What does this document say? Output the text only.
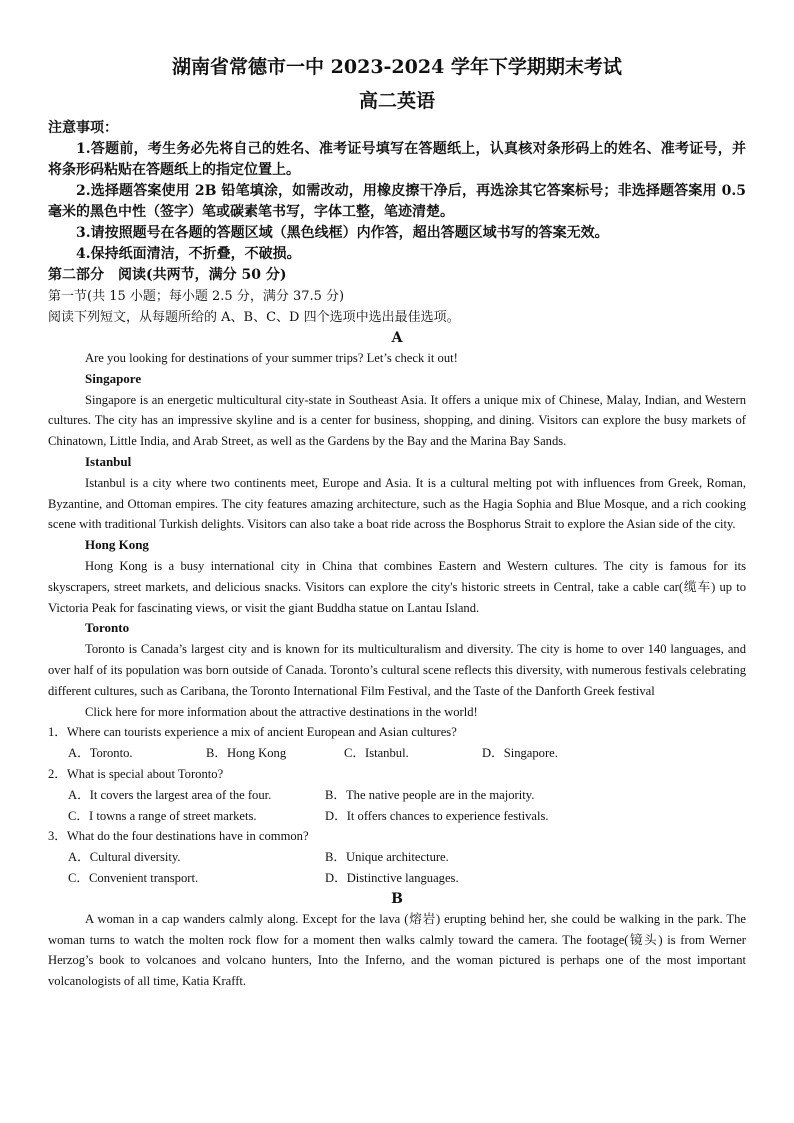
湖南省常德市一中 2023-2024 学年下学期期末考试
高二英语
注意事项：

1.答题前，考生务必先将自己的姓名、准考证号填写在答题纸上，认真核对条形码上的姓名、准考证号，并将条形码粘贴在答题纸上的指定位置上。

2.选择题答案使用 2B 铅笔填涂，如需改动，用橡皮擦干净后，再选涂其它答案标号；非选择题答案用 0.5 毫米的黑色中性（签字）笔或碳素笔书写，字体工整，笔迹清楚。

3.请按照题号在各题的答题区域（黑色线框）内作答，超出答题区域书写的答案无效。

4.保持纸面清洁，不折叠，不破损。

第二部分　阅读(共两节，满分 50 分)

第一节(共 15 小题；每小题 2.5 分，满分 37.5 分)

阅读下列短文，从每题所给的 A、B、C、D 四个选项中选出最佳选项。

A

Are you looking for destinations of your summer trips? Let’s check it out!

Singapore

Singapore is an energetic multicultural city-state in Southeast Asia. It offers a unique mix of Chinese, Malay, Indian, and Western cultures. The city has an impressive skyline and is a center for business, shopping, and dining. Visitors can explore the busy markets of Chinatown, Little India, and Arab Street, as well as the Gardens by the Bay and the Marina Bay Sands.

Istanbul

Istanbul is a city where two continents meet, Europe and Asia. It is a cultural melting pot with influences from Greek, Roman, Byzantine, and Ottoman empires. The city features amazing architecture, such as the Hagia Sophia and Blue Mosque, and a rich cooking scene with traditional Turkish delights. Visitors can also take a boat ride across the Bosphorus Strait to explore the Asian side of the city.

Hong Kong

Hong Kong is a busy international city in China that combines Eastern and Western cultures. The city is famous for its skyscrapers, street markets, and delicious snacks. Visitors can explore the city's historic streets in Central, take a cable car(缆车) up to Victoria Peak for fascinating views, or visit the giant Buddha statue on Lantau Island.

Toronto

Toronto is Canada’s largest city and is known for its multiculturalism and diversity. The city is home to over 140 languages, and over half of its population was born outside of Canada. Toronto’s cultural scene reflects this diversity, with numerous festivals celebrating different cultures, such as Caribana, the Toronto International Film Festival, and the Taste of the Danforth Greek festival

Click here for more information about the attractive destinations in the world!

1．Where can tourists experience a mix of ancient European and Asian cultures?

A．Toronto.	B．Hong Kong	C．Istanbul.	D．Singapore.

2．What is special about Toronto?

A．It covers the largest area of the four.	B．The native people are in the majority.
C．I towns a range of street markets.	D．It offers chances to experience festivals.

3．What do the four destinations have in common?

A．Cultural diversity.	B．Unique architecture.
C．Convenient transport.	D．Distinctive languages.

B

A woman in a cap wanders calmly along. Except for the lava (熔岩) erupting behind her, she could be walking in the park. The woman turns to watch the molten rock flow for a moment then walks calmly toward the camera. The footage(镜头) is from Werner Herzog’s book to volcanoes and volcano hunters, Into the Inferno, and the woman pictured is perhaps one of the most important volcanologists of all time, Katia Krafft.
